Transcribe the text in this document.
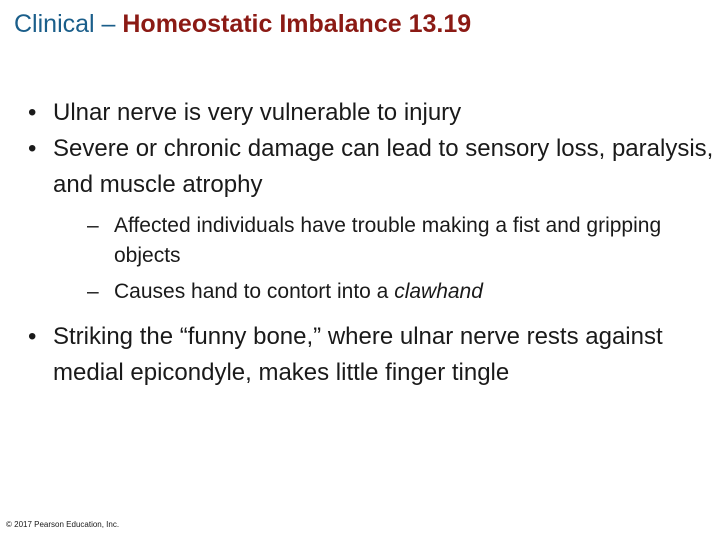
Clinical – Homeostatic Imbalance 13.19
• Ulnar nerve is very vulnerable to injury
• Severe or chronic damage can lead to sensory loss, paralysis, and muscle atrophy
– Affected individuals have trouble making a fist and gripping objects
– Causes hand to contort into a clawhand
• Striking the “funny bone,” where ulnar nerve rests against medial epicondyle, makes little finger tingle
© 2017 Pearson Education, Inc.
